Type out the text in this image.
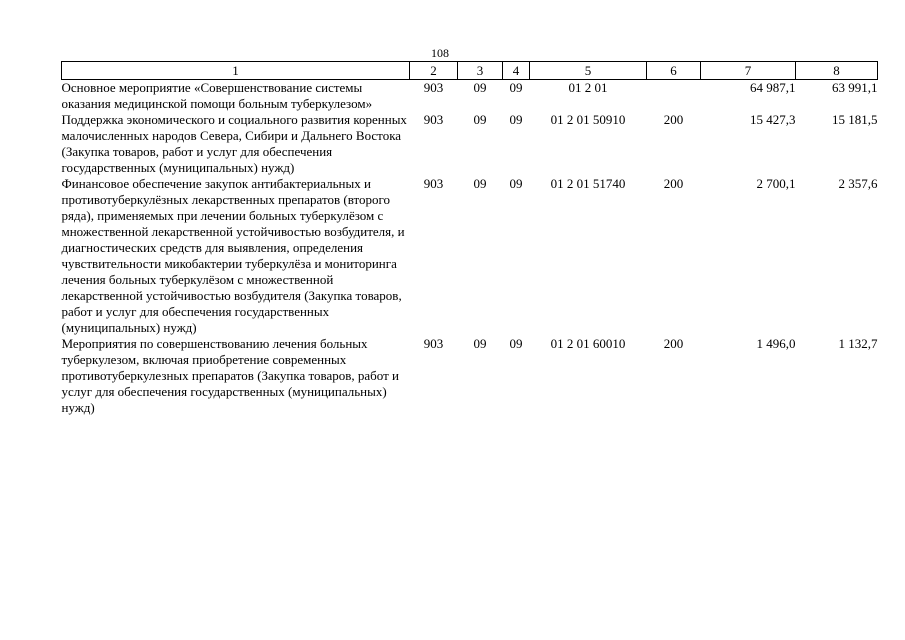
108
1	2	3	4	5	6	7	8
Основное мероприятие «Совершенствование системы оказания медицинской помощи больным туберкулезом»	903	09	09	01 2 01		64 987,1	63 991,1
Поддержка экономического и социального развития коренных малочисленных народов Севера, Сибири и Дальнего Востока (Закупка товаров, работ и услуг для обеспечения государственных (муниципальных) нужд)	903	09	09	01 2 01 50910	200	15 427,3	15 181,5
Финансовое обеспечение закупок антибактериальных и противотуберкулёзных лекарственных препаратов (второго ряда), применяемых при лечении больных туберкулёзом с множественной лекарственной устойчивостью возбудителя, и диагностических средств для выявления, определения чувствительности микобактерии туберкулёза и мониторинга лечения больных туберкулёзом с множественной лекарственной устойчивостью возбудителя (Закупка товаров, работ и услуг для обеспечения государственных (муниципальных) нужд)	903	09	09	01 2 01 51740	200	2 700,1	2 357,6
Мероприятия по совершенствованию лечения больных туберкулезом, включая приобретение современных противотуберкулезных препаратов (Закупка товаров, работ и услуг для обеспечения государственных (муниципальных) нужд)	903	09	09	01 2 01 60010	200	1 496,0	1 132,7
